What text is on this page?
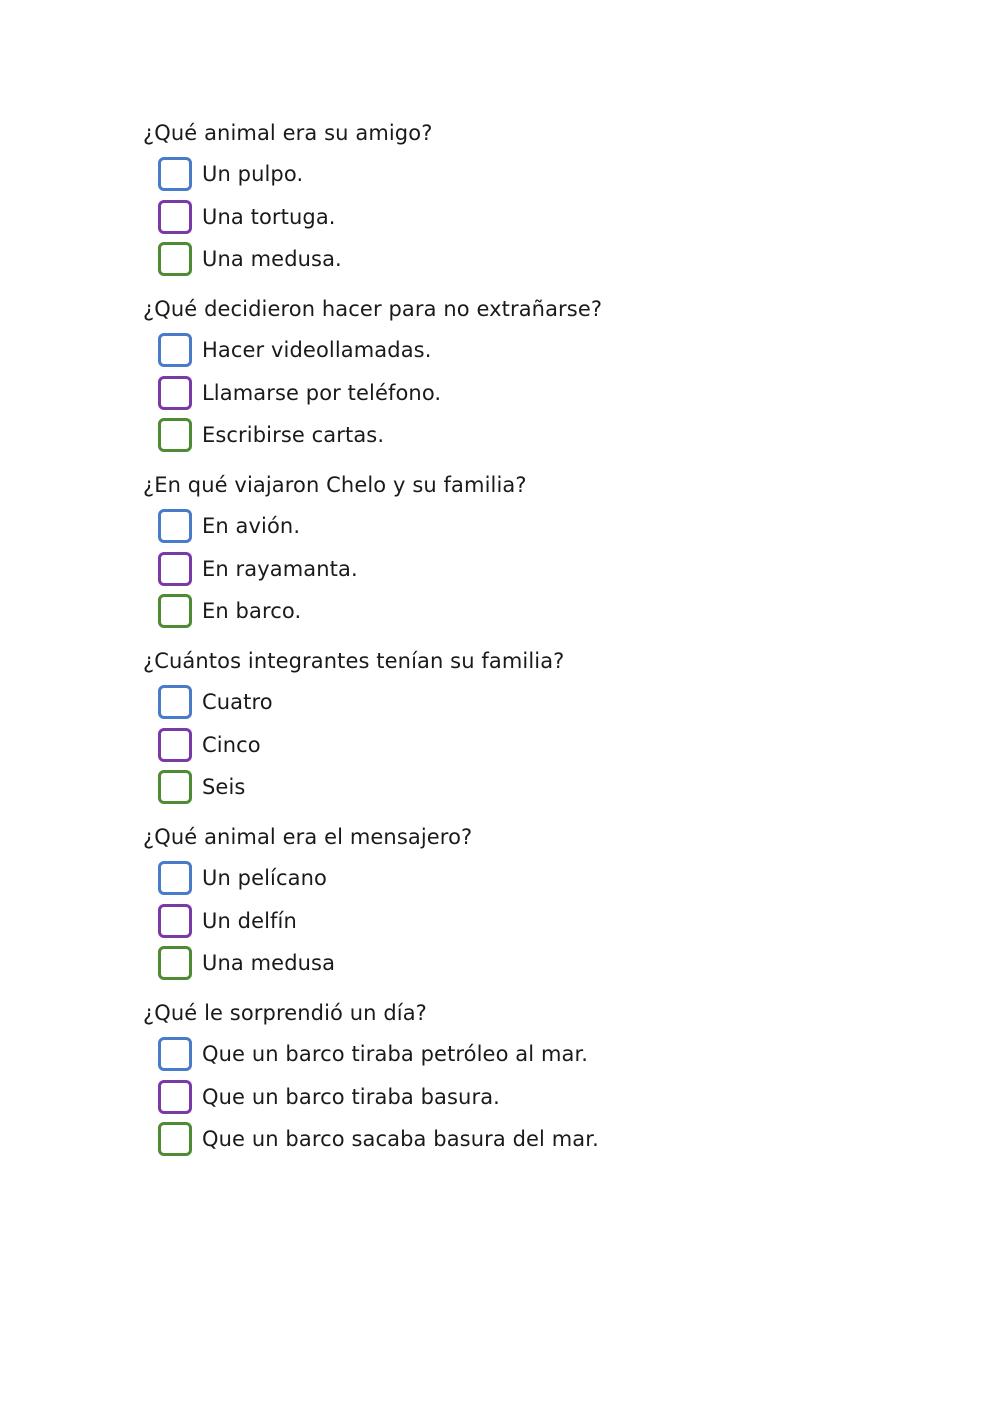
¿Qué animal era su amigo?

Un pulpo.
Una tortuga.
Una medusa.

¿Qué decidieron hacer para no extrañarse?

Hacer videollamadas.
Llamarse por teléfono.
Escribirse cartas.

¿En qué viajaron Chelo y su familia?

En avión.
En rayamanta.
En barco.

¿Cuántos integrantes tenían su familia?

Cuatro
Cinco
Seis

¿Qué animal era el mensajero?

Un pelícano
Un delfín
Una medusa

¿Qué le sorprendió un día?

Que un barco tiraba petróleo al mar.
Que un barco tiraba basura.
Que un barco sacaba basura del mar.
